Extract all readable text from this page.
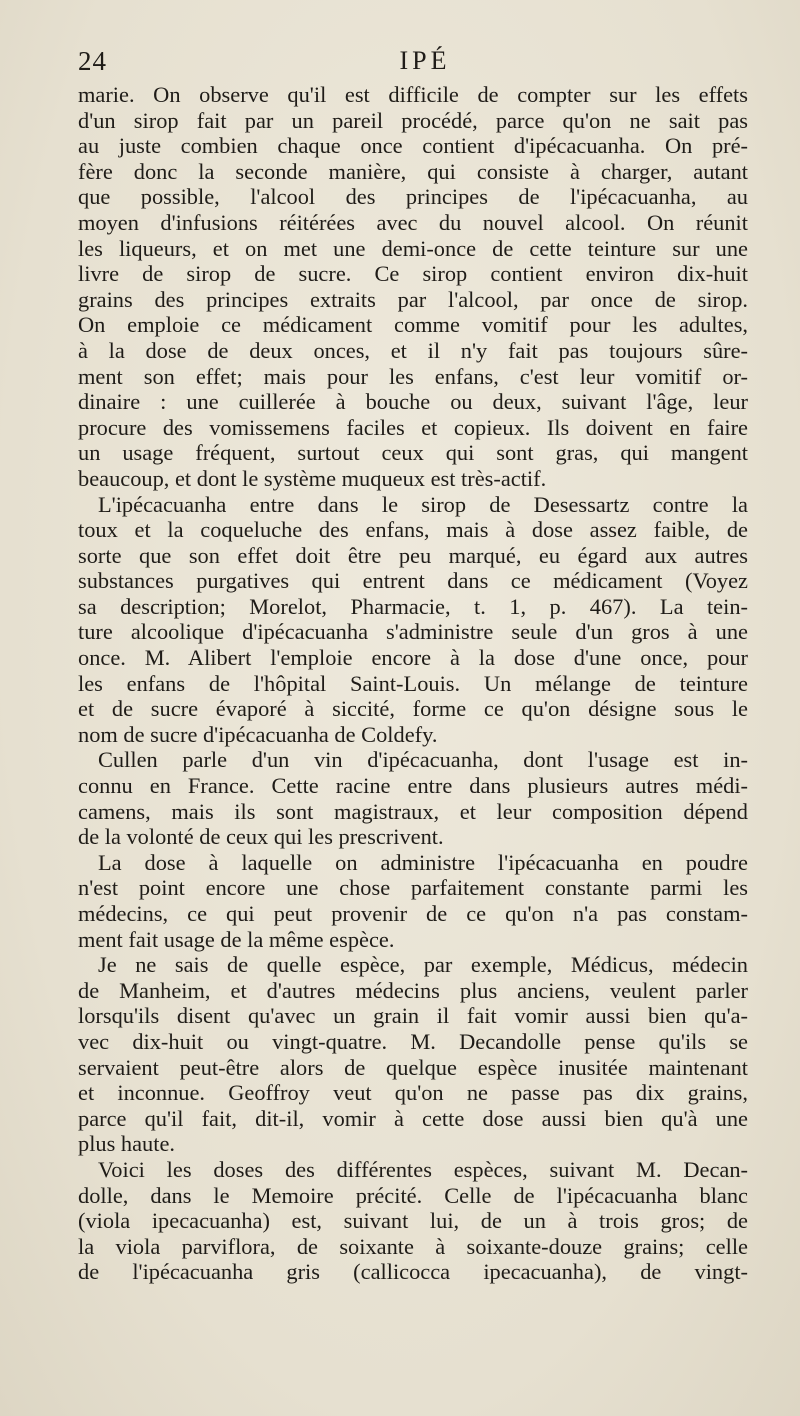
24	IPÉ
marie. On observe qu'il est difficile de compter sur les effets
d'un sirop fait par un pareil procédé, parce qu'on ne sait pas
au juste combien chaque once contient d'ipécacuanha. On pré-
fère donc la seconde manière, qui consiste à charger, autant
que possible, l'alcool des principes de l'ipécacuanha, au
moyen d'infusions réitérées avec du nouvel alcool. On réunit
les liqueurs, et on met une demi-once de cette teinture sur une
livre de sirop de sucre. Ce sirop contient environ dix-huit
grains des principes extraits par l'alcool, par once de sirop.
On emploie ce médicament comme vomitif pour les adultes,
à la dose de deux onces, et il n'y fait pas toujours sûre-
ment son effet; mais pour les enfans, c'est leur vomitif or-
dinaire : une cuillerée à bouche ou deux, suivant l'âge, leur
procure des vomissemens faciles et copieux. Ils doivent en faire
un usage fréquent, surtout ceux qui sont gras, qui mangent
beaucoup, et dont le système muqueux est très-actif.
L'ipécacuanha entre dans le sirop de Desessartz contre la
toux et la coqueluche des enfans, mais à dose assez faible, de
sorte que son effet doit être peu marqué, eu égard aux autres
substances purgatives qui entrent dans ce médicament (Voyez
sa description; Morelot, Pharmacie, t. 1, p. 467). La tein-
ture alcoolique d'ipécacuanha s'administre seule d'un gros à une
once. M. Alibert l'emploie encore à la dose d'une once, pour
les enfans de l'hôpital Saint-Louis. Un mélange de teinture
et de sucre évaporé à siccité, forme ce qu'on désigne sous le
nom de sucre d'ipécacuanha de Coldefy.
Cullen parle d'un vin d'ipécacuanha, dont l'usage est in-
connu en France. Cette racine entre dans plusieurs autres médi-
camens, mais ils sont magistraux, et leur composition dépend
de la volonté de ceux qui les prescrivent.
La dose à laquelle on administre l'ipécacuanha en poudre
n'est point encore une chose parfaitement constante parmi les
médecins, ce qui peut provenir de ce qu'on n'a pas constam-
ment fait usage de la même espèce.
Je ne sais de quelle espèce, par exemple, Médicus, médecin
de Manheim, et d'autres médecins plus anciens, veulent parler
lorsqu'ils disent qu'avec un grain il fait vomir aussi bien qu'a-
vec dix-huit ou vingt-quatre. M. Decandolle pense qu'ils se
servaient peut-être alors de quelque espèce inusitée maintenant
et inconnue. Geoffroy veut qu'on ne passe pas dix grains,
parce qu'il fait, dit-il, vomir à cette dose aussi bien qu'à une
plus haute.
Voici les doses des différentes espèces, suivant M. Decan-
dolle, dans le Memoire précité. Celle de l'ipécacuanha blanc
(viola ipecacuanha) est, suivant lui, de un à trois gros; de
la viola parviflora, de soixante à soixante-douze grains; celle
de l'ipécacuanha gris (callicocca ipecacuanha), de vingt-
